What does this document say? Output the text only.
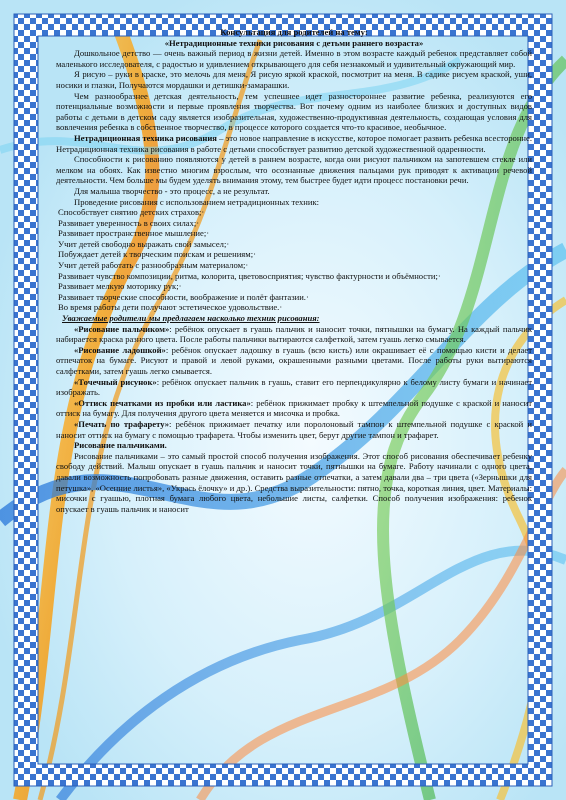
Консультация для родителей на тему:

«Нетрадиционные техники рисования с детьми раннего возраста»

Дошкольное детство — очень важный период в жизни детей. Именно в этом возрасте каждый ребенок представляет собой маленького исследователя, с радостью и удивлением открывающего для себя незнакомый и удивительный окружающий мир.

Я рисую – руки в краске, это мелочь для меня, Я рисую яркой краской, посмотрит на меня. В садике рисуем краской, уши, носики и глазки, Получаются мордашки и детишки-замарашки.

Чем разнообразнее детская деятельность, тем успешнее идет разностороннее развитие ребенка, реализуются его потенциальные возможности и первые проявления творчества. Вот почему одним из наиболее близких и доступных видов работы с детьми в детском саду является изобразительная, художественно-продуктивная деятельность, создающая условия для вовлечения ребенка в собственное творчество, в процессе которого создается что-то красивое, необычное.

Нетрадиционная техника рисования – это новое направление в искусстве, которое помогает развить ребенка всесторонне. Нетрадиционная техника рисования в работе с детьми способствует развитию детской художественной одаренности.

Способности к рисованию появляются у детей в раннем возрасте, когда они рисуют пальчиком на запотевшем стекле или мелком на обоях. Как известно многим взрослым, что осознанные движения пальцами рук приводят к активации речевой деятельности. Чем больше мы будем уделять внимания этому, тем быстрее будет идти процесс постановки речи.

Для малыша творчество - это процесс, а не результат.

Проведение рисования с использованием нетрадиционных техник:

Способствует снятию детских страхов;·

Развивает уверенность в своих силах;·

Развивает пространственное мышление;·

Учит детей свободно выражать свой замысел;·

Побуждает детей к творческим поискам и решениям;·

Учит детей работать с разнообразным материалом;·

Развивает чувство композиции, ритма, колорита, цветовосприятия; чувство фактурности и объёмности;·

Развивает мелкую моторику рук;·

Развивает творческие способности, воображение и полёт фантазии.·

Во время работы дети получают эстетическое удовольствие.·

Уважаемые родители мы предлагаем насколько техник рисования:

«Рисование пальчиком»: ребёнок опускает в гуашь пальчик и наносит точки, пятнышки на бумагу. На каждый пальчик набирается краска разного цвета. После работы пальчики вытираются салфеткой, затем гуашь легко смывается.

«Рисование ладошкой»: ребёнок опускает ладошку в гуашь (всю кисть) или окрашивает её с помощью кисти и делает отпечаток на бумаге. Рисуют и правой и левой руками, окрашенными разными цветами. После работы руки вытираются салфетками, затем гуашь легко смывается.

«Точечный рисунок»: ребёнок опускает пальчик в гуашь, ставит его перпендикулярно к белому листу бумаги и начинает изображать.

«Оттиск печатками из пробки или ластика»: ребёнок прижимает пробку к штемпельной подушке с краской и наносит оттиск на бумагу. Для получения другого цвета меняется и мисочка и пробка.

«Печать по трафарету»: ребёнок прижимает печатку или поролоновый тампон к штемпельной подушке с краской и наносит оттиск на бумагу с помощью трафарета. Чтобы изменить цвет, берут другие тампон и трафарет.

Рисование пальчиками.

Рисование пальчиками – это самый простой способ получения изображения. Этот способ рисования обеспечивает ребенку свободу действий. Малыш опускает в гуашь пальчик и наносит точки, пятнышки на бумаге. Работу начинали с одного цвета, давали возможность попробовать разные движения, оставить разные отпечатки, а затем давали два – три цвета («Зернышки для петушка», «Осенние листья», «Укрась ёлочку» и др.). Средства выразительности: пятно, точка, короткая линия, цвет. Материалы: мисочки с гуашью, плотная бумага любого цвета, небольшие листы, салфетки. Способ получения изображения: ребенок опускает в гуашь пальчик и наносит
